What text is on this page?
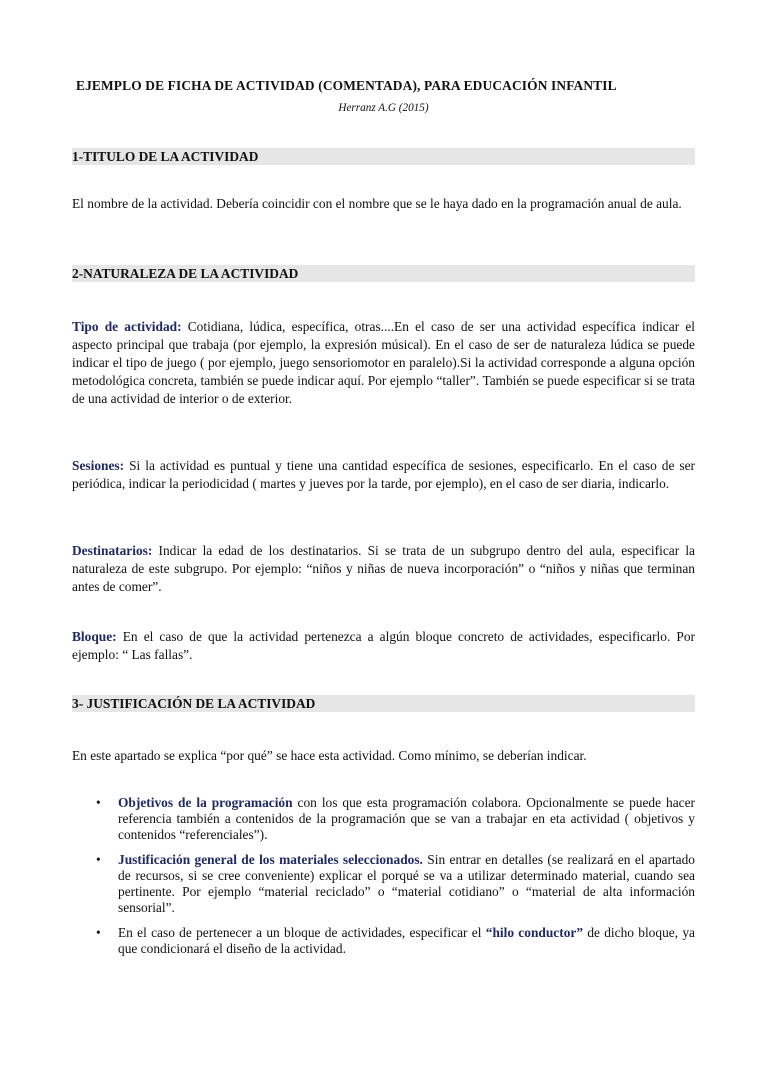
EJEMPLO DE FICHA DE ACTIVIDAD (COMENTADA), PARA EDUCACIÓN INFANTIL
Herranz A.G (2015)
1-TITULO DE LA ACTIVIDAD
El nombre de la actividad. Debería coincidir con el nombre que se le haya dado en la programación anual de aula.
2-NATURALEZA DE LA ACTIVIDAD
Tipo de actividad: Cotidiana, lúdica, específica, otras....En el caso de ser una actividad específica indicar el aspecto principal que trabaja (por ejemplo, la expresión músical). En el caso de ser de naturaleza lúdica se puede indicar el tipo de juego ( por ejemplo, juego sensoriomotor en paralelo).Si la actividad corresponde a alguna opción metodológica concreta, también se puede indicar aquí. Por ejemplo “taller”. También se puede especificar si se trata de una actividad de interior o de exterior.
Sesiones: Si la actividad es puntual y tiene una cantidad específica de sesiones, especificarlo. En el caso de ser periódica, indicar la periodicidad ( martes y jueves por la tarde, por ejemplo), en el caso de ser diaria, indicarlo.
Destinatarios: Indicar la edad de los destinatarios. Si se trata de un subgrupo dentro del aula, especificar la naturaleza de este subgrupo. Por ejemplo: “niños y niñas de nueva incorporación” o “niños y niñas que terminan antes de comer”.
Bloque: En el caso de que la actividad pertenezca a algún bloque concreto de actividades, especificarlo. Por ejemplo: “ Las fallas”.
3- JUSTIFICACIÓN DE LA ACTIVIDAD
En este apartado se explica “por qué” se hace esta actividad. Como mínimo, se deberían indicar.
• Objetivos de la programación con los que esta programación colabora. Opcionalmente se puede hacer referencia también a contenidos de la programación que se van a trabajar en eta actividad ( objetivos y contenidos “referenciales”).
• Justificación general de los materiales seleccionados. Sin entrar en detalles (se realizará en el apartado de recursos, si se cree conveniente) explicar el porqué se va a utilizar determinado material, cuando sea pertinente. Por ejemplo “material reciclado” o “material cotidiano” o “material de alta información sensorial”.
• En el caso de pertenecer a un bloque de actividades, especificar el “hilo conductor” de dicho bloque, ya que condicionará el diseño de la actividad.
